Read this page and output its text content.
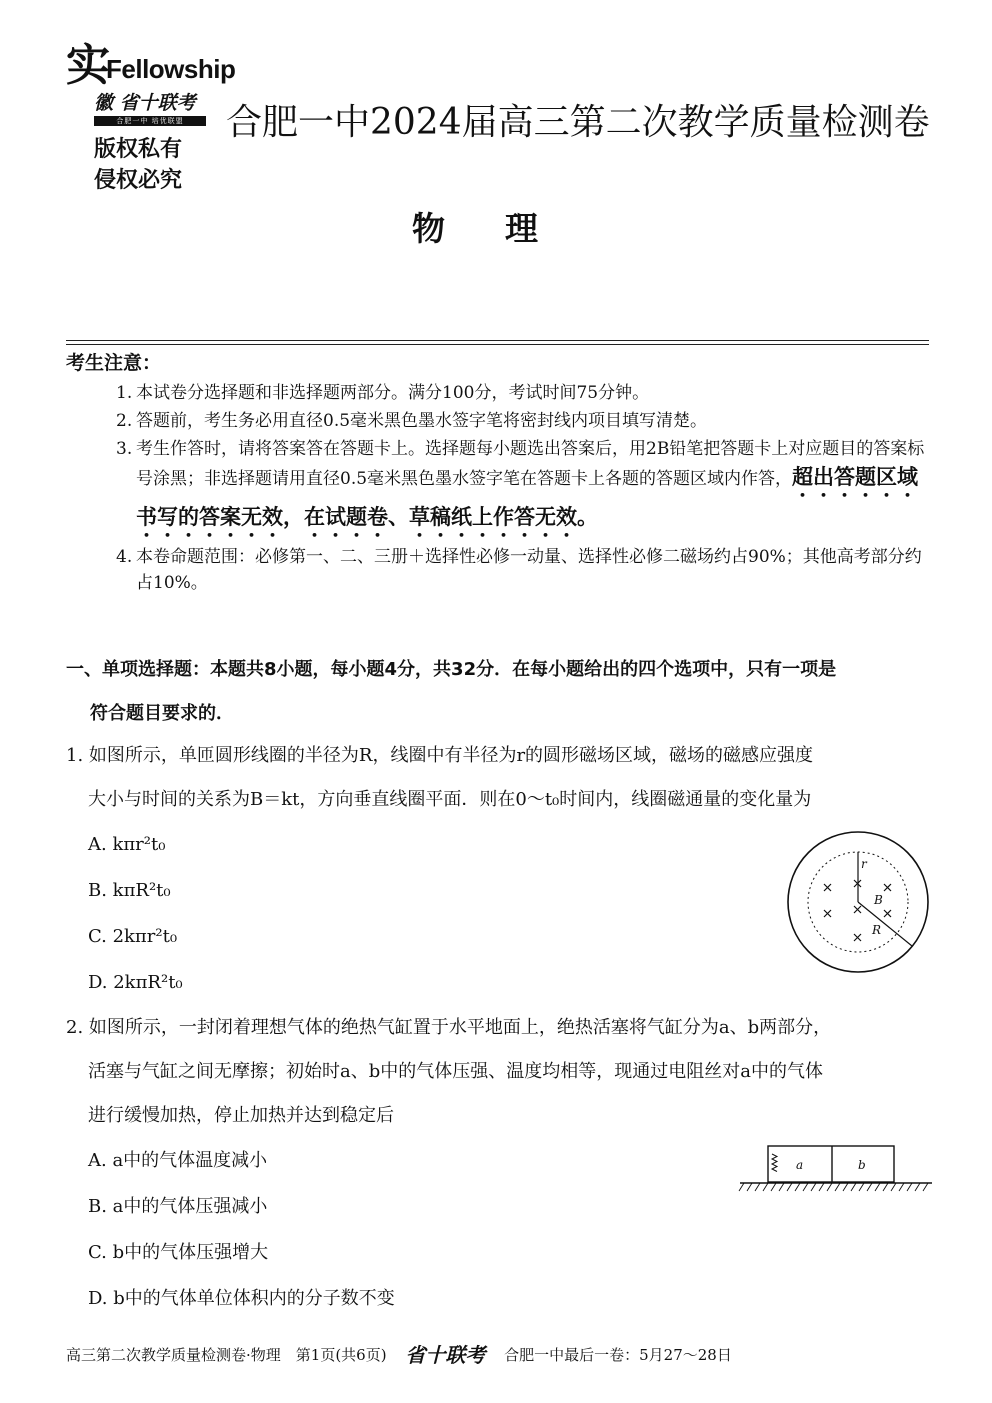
实
Fellowship
徽 省十联考
合肥一中 培优联盟
版权私有
侵权必究
合肥一中2024届高三第二次教学质量检测卷
物理
考生注意：
1. 本试卷分选择题和非选择题两部分。满分100分，考试时间75分钟。
2. 答题前，考生务必用直径0.5毫米黑色墨水签字笔将密封线内项目填写清楚。
3. 考生作答时，请将答案答在答题卡上。选择题每小题选出答案后，用2B铅笔把答题卡上对应题目的答案标号涂黑；非选择题请用直径0.5毫米黑色墨水签字笔在答题卡上各题的答题区域内作答，超出答题区域书写的答案无效，在试题卷、草稿纸上作答无效。
4. 本卷命题范围：必修第一、二、三册＋选择性必修一动量、选择性必修二磁场约占90%；其他高考部分约占10%。
一、单项选择题：本题共8小题，每小题4分，共32分．在每小题给出的四个选项中，只有一项是
符合题目要求的．
1. 如图所示，单匝圆形线圈的半径为R，线圈中有半径为r的圆形磁场区域，磁场的磁感应强度
大小与时间的关系为B＝kt，方向垂直线圈平面．则在0～t₀时间内，线圈磁通量的变化量为
A. kπr²t₀
B. kπR²t₀
C. 2kπr²t₀
D. 2kπR²t₀
r
B
R
2. 如图所示，一封闭着理想气体的绝热气缸置于水平地面上，绝热活塞将气缸分为a、b两部分，
活塞与气缸之间无摩擦；初始时a、b中的气体压强、温度均相等，现通过电阻丝对a中的气体
进行缓慢加热，停止加热并达到稳定后
A. a中的气体温度减小
B. a中的气体压强减小
C. b中的气体压强增大
D. b中的气体单位体积内的分子数不变
a	b
高三第二次教学质量检测卷·物理　第1页(共6页) 省十联考 合肥一中最后一卷：5月27～28日
